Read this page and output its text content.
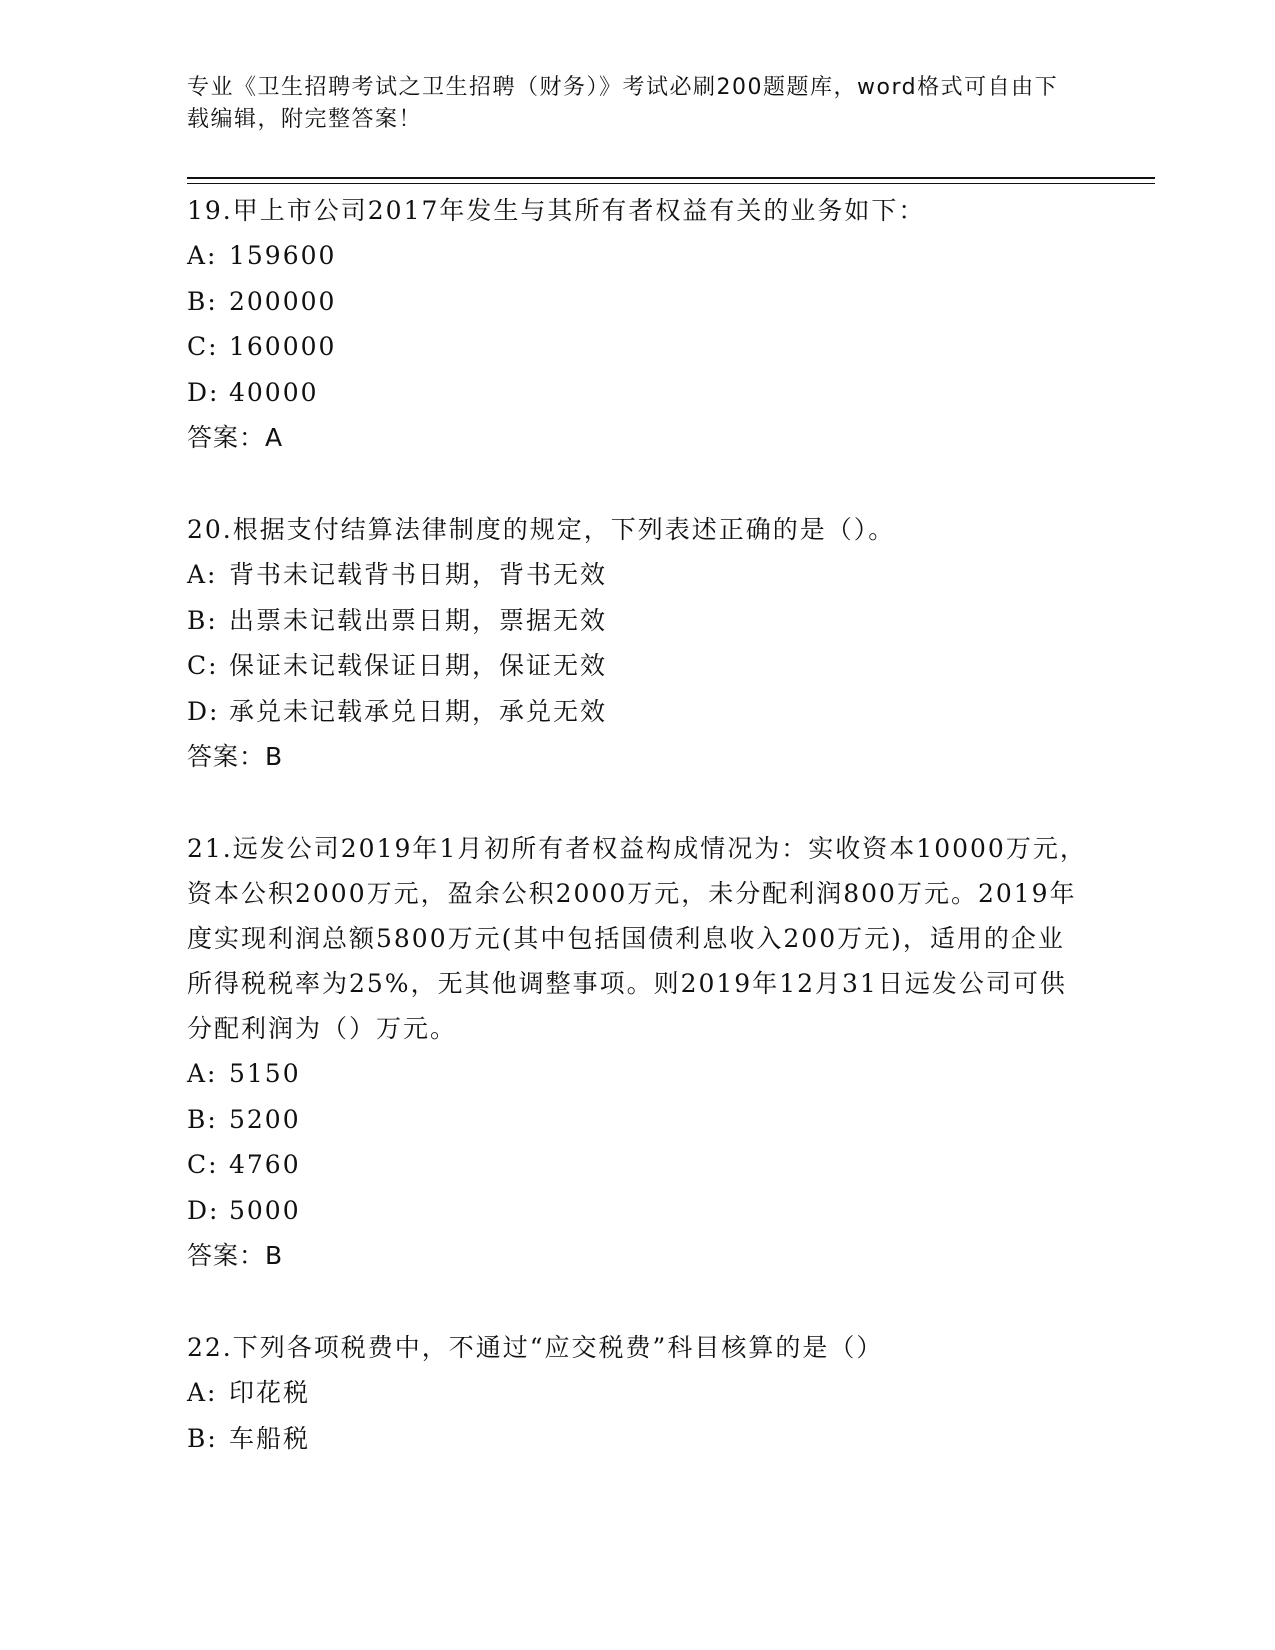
专业《卫生招聘考试之卫生招聘（财务）》考试必刷200题题库，word格式可自由下载编辑，附完整答案！
19.甲上市公司2017年发生与其所有者权益有关的业务如下：
A: 159600
B: 200000
C: 160000
D: 40000
答案：A
20.根据支付结算法律制度的规定，下列表述正确的是（）。
A: 背书未记载背书日期，背书无效
B: 出票未记载出票日期，票据无效
C: 保证未记载保证日期，保证无效
D: 承兑未记载承兑日期，承兑无效
答案：B
21.远发公司2019年1月初所有者权益构成情况为：实收资本10000万元，资本公积2000万元，盈余公积2000万元，未分配利润800万元。2019年度实现利润总额5800万元(其中包括国债利息收入200万元)，适用的企业所得税税率为25%，无其他调整事项。则2019年12月31日远发公司可供分配利润为（）万元。
A: 5150
B: 5200
C: 4760
D: 5000
答案：B
22.下列各项税费中，不通过“应交税费”科目核算的是（）
A: 印花税
B: 车船税
